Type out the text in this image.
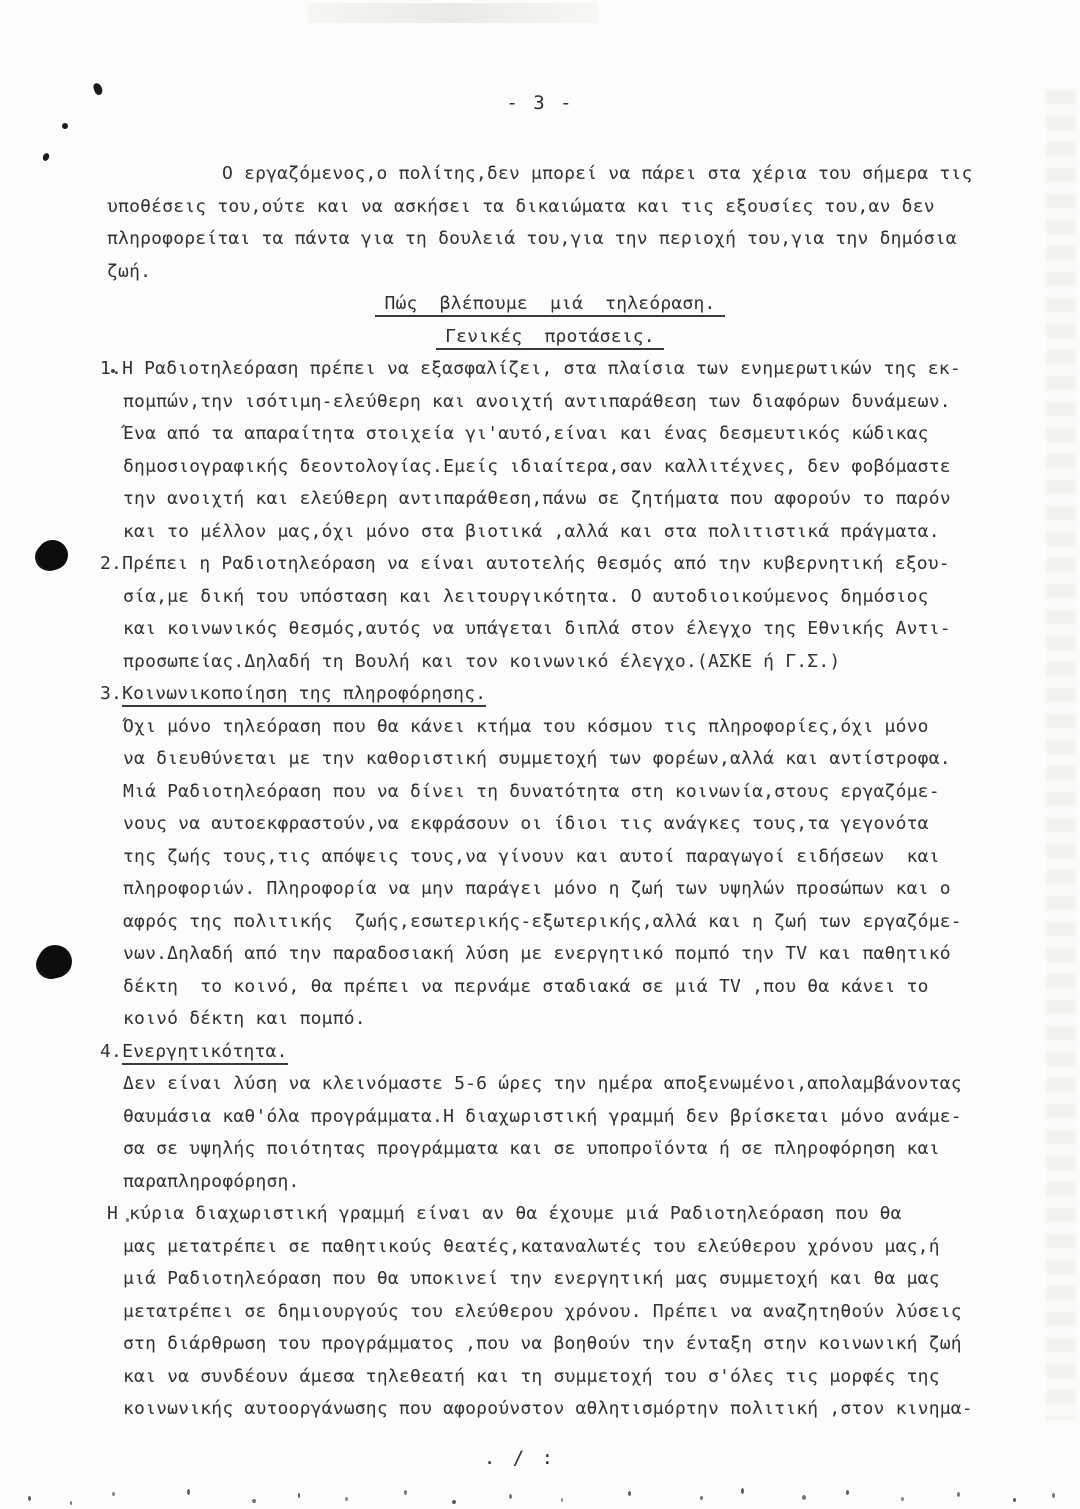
- 3 -
Ο εργαζόμενος,ο πολίτης,δεν μπορεί να πάρει στα χέρια του σήμερα τις
υποθέσεις του,ούτε και να ασκήσει τα δικαιώματα και τις εξουσίες του,αν δεν
πληροφορείται τα πάντα για τη δουλειά του,για την περιοχή του,για την δημόσια
ζωή.
Πώς  βλέπουμε  μιά  τηλεόραση.
Γενικές  προτάσεις.
1.Η Ραδιοτηλεόραση πρέπει να εξασφαλίζει, στα πλαίσια των ενημερωτικών της εκ-
πομπών,την ισότιμη-ελεύθερη και ανοιχτή αντιπαράθεση των διαφόρων δυνάμεων.
Ένα από τα απαραίτητα στοιχεία γι'αυτό,είναι και ένας δεσμευτικός κώδικας
δημοσιογραφικής δεοντολογίας.Εμείς ιδιαίτερα,σαν καλλιτέχνες, δεν φοβόμαστε
την ανοιχτή και ελεύθερη αντιπαράθεση,πάνω σε ζητήματα που αφορούν το παρόν
και το μέλλον μας,όχι μόνο στα βιοτικά ,αλλά και στα πολιτιστικά πράγματα.
2.Πρέπει η Ραδιοτηλεόραση να είναι αυτοτελής θεσμός από την κυβερνητική εξου-
σία,με δική του υπόσταση και λειτουργικότητα. Ο αυτοδιοικούμενος δημόσιος
και κοινωνικός θεσμός,αυτός να υπάγεται διπλά στον έλεγχο της Εθνικής Αντι-
προσωπείας.Δηλαδή τη Βουλή και τον κοινωνικό έλεγχο.(ΑΣΚΕ ή Γ.Σ.)
3.Κοινωνικοποίηση της πληροφόρησης.
Όχι μόνο τηλεόραση που θα κάνει κτήμα του κόσμου τις πληροφορίες,όχι μόνο
να διευθύνεται με την καθοριστική συμμετοχή των φορέων,αλλά και αντίστροφα.
Μιά Ραδιοτηλεόραση που να δίνει τη δυνατότητα στη κοινωνία,στους εργαζόμε-
νους να αυτοεκφραστούν,να εκφράσουν οι ίδιοι τις ανάγκες τους,τα γεγονότα
της ζωής τους,τις απόψεις τους,να γίνουν και αυτοί παραγωγοί ειδήσεων  και
πληροφοριών. Πληροφορία να μην παράγει μόνο η ζωή των υψηλών προσώπων και ο
αφρός της πολιτικής  ζωής,εσωτερικής-εξωτερικής,αλλά και η ζωή των εργαζόμε-
νων.Δηλαδή από την παραδοσιακή λύση με ενεργητικό πομπό την TV και παθητικό
δέκτη  το κοινό, θα πρέπει να περνάμε σταδιακά σε μιά TV ,που θα κάνει το
κοινό δέκτη και πομπό.
4.Ενεργητικότητα.
Δεν είναι λύση να κλεινόμαστε 5-6 ώρες την ημέρα αποξενωμένοι,απολαμβάνοντας
θαυμάσια καθ'όλα προγράμματα.Η διαχωριστική γραμμή δεν βρίσκεται μόνο ανάμε-
σα σε υψηλής ποιότητας προγράμματα και σε υποπροϊόντα ή σε πληροφόρηση και
παραπληροφόρηση.
Η κύρια διαχωριστική γραμμή είναι αν θα έχουμε μιά Ραδιοτηλεόραση που θα
μας μετατρέπει σε παθητικούς θεατές,καταναλωτές του ελεύθερου χρόνου μας,ή
μιά Ραδιοτηλεόραση που θα υποκινεί την ενεργητική μας συμμετοχή και θα μας
μετατρέπει σε δημιουργούς του ελεύθερου χρόνου. Πρέπει να αναζητηθούν λύσεις
στη διάρθρωση του προγράμματος ,που να βοηθούν την ένταξη στην κοινωνική ζωή
και να συνδέουν άμεσα τηλεθεατή και τη συμμετοχή του σ'όλες τις μορφές της
κοινωνικής αυτοοργάνωσης που αφορούνστον αθλητισμόρτην πολιτική ,στον κινημα-
. / :
